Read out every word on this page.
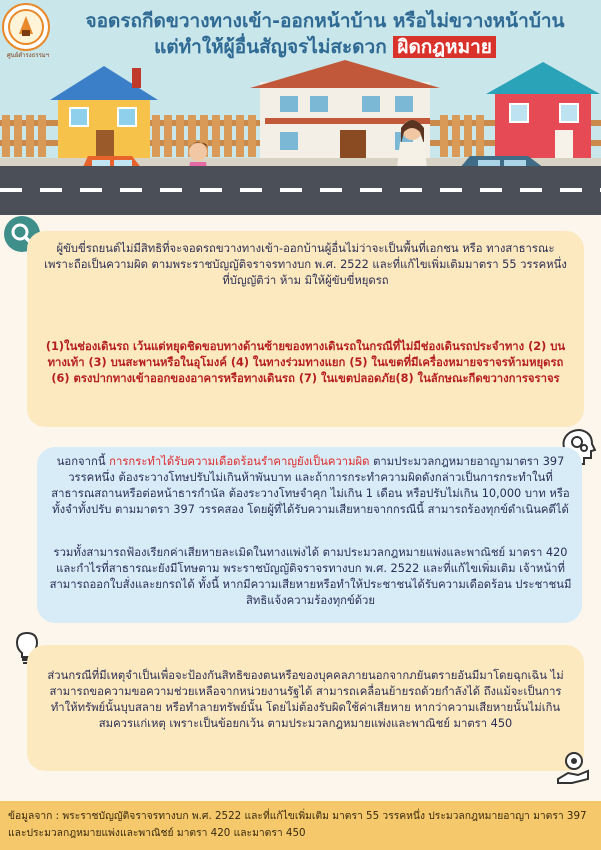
ศูนย์ดำรงธรรมฯ
จอดรถกีดขวางทางเข้า-ออกหน้าบ้าน หรือไม่ขวางหน้าบ้าน
แต่ทำให้ผู้อื่นสัญจรไม่สะดวก ผิดกฎหมาย
ผู้ขับขี่รถยนต์ไม่มีสิทธิที่จะจอดรถขวางทางเข้า-ออกบ้านผู้อื่นไม่ว่าจะเป็นพื้นที่เอกชน หรือ ทางสาธารณะ เพราะถือเป็นความผิด ตามพระราชบัญญัติจราจรทางบก พ.ศ. 2522 และที่แก้ไขเพิ่มเติมมาตรา 55 วรรคหนึ่ง ที่บัญญัติว่า ห้าม มิให้ผู้ขับขี่หยุดรถ
(1)ในช่องเดินรถ เว้นแต่หยุดชิดขอบทางด้านซ้ายของทางเดินรถในกรณีที่ไม่มีช่องเดินรถประจำทาง (2) บนทางเท้า (3) บนสะพานหรือในอุโมงค์ (4) ในทางร่วมทางแยก (5) ในเขตที่มีเครื่องหมายจราจรห้ามหยุดรถ (6) ตรงปากทางเข้าออกของอาคารหรือทางเดินรถ (7) ในเขตปลอดภัย(8) ในลักษณะกีดขวางการจราจร
นอกจากนี้ การกระทำได้รับความเดือดร้อนรำคาญยังเป็นความผิด ตามประมวลกฎหมายอาญามาตรา 397 วรรคหนึ่ง ต้องระวางโทษปรับไม่เกินห้าพันบาท และถ้าการกระทำความผิดดังกล่าวเป็นการกระทำในที่สาธารณสถานหรือต่อหน้าธารกำนัล ต้องระวางโทษจำคุก ไม่เกิน 1 เดือน หรือปรับไม่เกิน 10,000 บาท หรือทั้งจำทั้งปรับ ตามมาตรา 397 วรรคสอง โดยผู้ที่ได้รับความเสียหายจากกรณีนี้ สามารถร้องทุกข์ดำเนินคดีได้
รวมทั้งสามารถฟ้องเรียกค่าเสียหายละเมิดในทางแพ่งได้ ตามประมวลกฎหมายแพ่งและพาณิชย์ มาตรา 420 และกำไรที่สาธารณะยังมีโทษตาม พระราชบัญญัติจราจรทางบก พ.ศ. 2522 และที่แก้ไขเพิ่มเติม เจ้าหน้าที่สามารถออกใบสั่งและยกรถได้ ทั้งนี้ หากมีความเสียหายหรือทำให้ประชาชนได้รับความเดือดร้อน ประชาชนมีสิทธิแจ้งความร้องทุกข์ด้วย
ส่วนกรณีที่มีเหตุจำเป็นเพื่อจะป้องกันสิทธิของตนหรือของบุคคลภายนอกจากภยันตรายอันมีมาโดยฉุกเฉิน ไม่สามารถขอความขอความช่วยเหลือจากหน่วยงานรัฐได้ สามารถเคลื่อนย้ายรถด้วยกำลังได้ ถึงแม้จะเป็นการทำให้ทรัพย์นั้นบุบสลาย หรือทำลายทรัพย์นั้น โดยไม่ต้องรับผิดใช้ค่าเสียหาย หากว่าความเสียหายนั้นไม่เกินสมควรแก่เหตุ เพราะเป็นข้อยกเว้น ตามประมวลกฎหมายแพ่งและพาณิชย์ มาตรา 450
ข้อมูลจาก : พระราชบัญญัติจราจรทางบก พ.ศ. 2522 และที่แก้ไขเพิ่มเติม มาตรา 55 วรรคหนึ่ง ประมวลกฎหมายอาญา มาตรา 397 และประมวลกฎหมายแพ่งและพาณิชย์ มาตรา 420 และมาตรา 450
